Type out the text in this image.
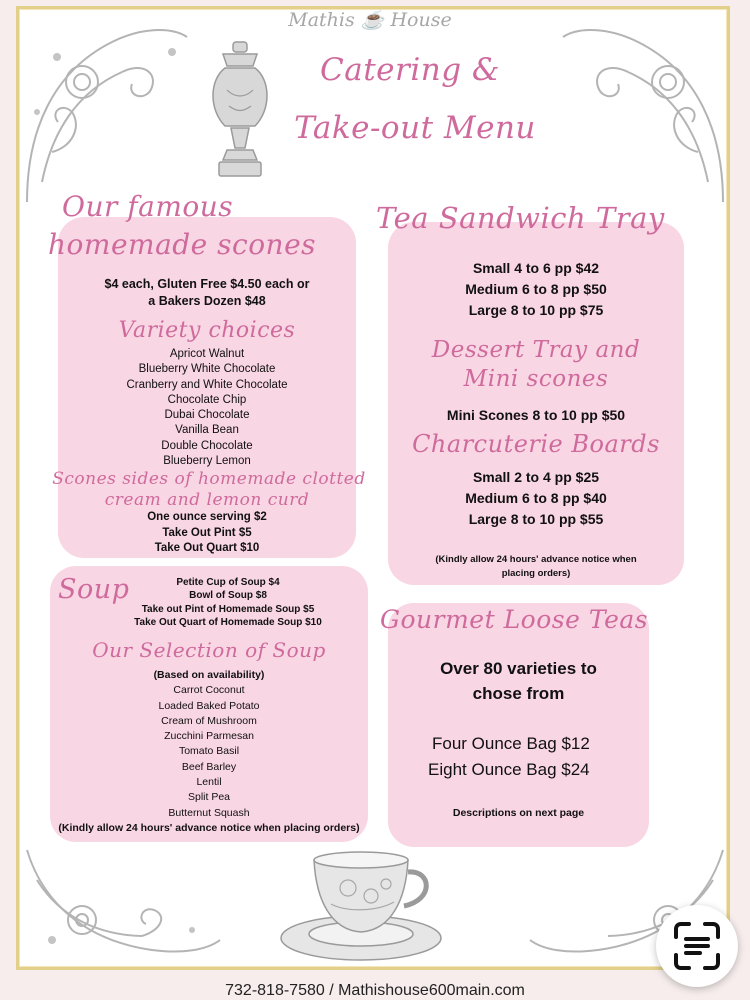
Mathis ☕ House
Catering &
Take-out Menu
Our famous
homemade scones
$4 each, Gluten Free $4.50 each or
a Bakers Dozen $48
Variety choices
Apricot Walnut
Blueberry White Chocolate
Cranberry and White Chocolate
Chocolate Chip
Dubai Chocolate
Vanilla Bean
Double Chocolate
Blueberry Lemon
Scones sides of homemade clotted
cream and lemon curd
One ounce serving $2
Take Out Pint $5
Take Out Quart $10
Soup	Petite Cup of Soup $4
Bowl of Soup $8
Take out Pint of Homemade Soup $5
Take Out Quart of Homemade Soup $10
Our Selection of Soup
(Based on availability)
Carrot Coconut
Loaded Baked Potato
Cream of Mushroom
Zucchini Parmesan
Tomato Basil
Beef Barley
Lentil
Split Pea
Butternut Squash
(Kindly allow 24 hours' advance notice when placing orders)
Tea Sandwich Tray
Small 4 to 6 pp $42
Medium 6 to 8 pp $50
Large 8 to 10 pp $75
Dessert Tray and
Mini scones
Mini Scones 8 to 10 pp $50
Charcuterie Boards
Small 2 to 4 pp $25
Medium 6 to 8 pp $40
Large 8 to 10 pp $55
(Kindly allow 24 hours' advance notice when
placing orders)
Gourmet Loose Teas
Over 80 varieties to
chose from
Four Ounce Bag $12
Eight Ounce Bag $24
Descriptions on next page
732-818-7580 / Mathishouse600main.com
